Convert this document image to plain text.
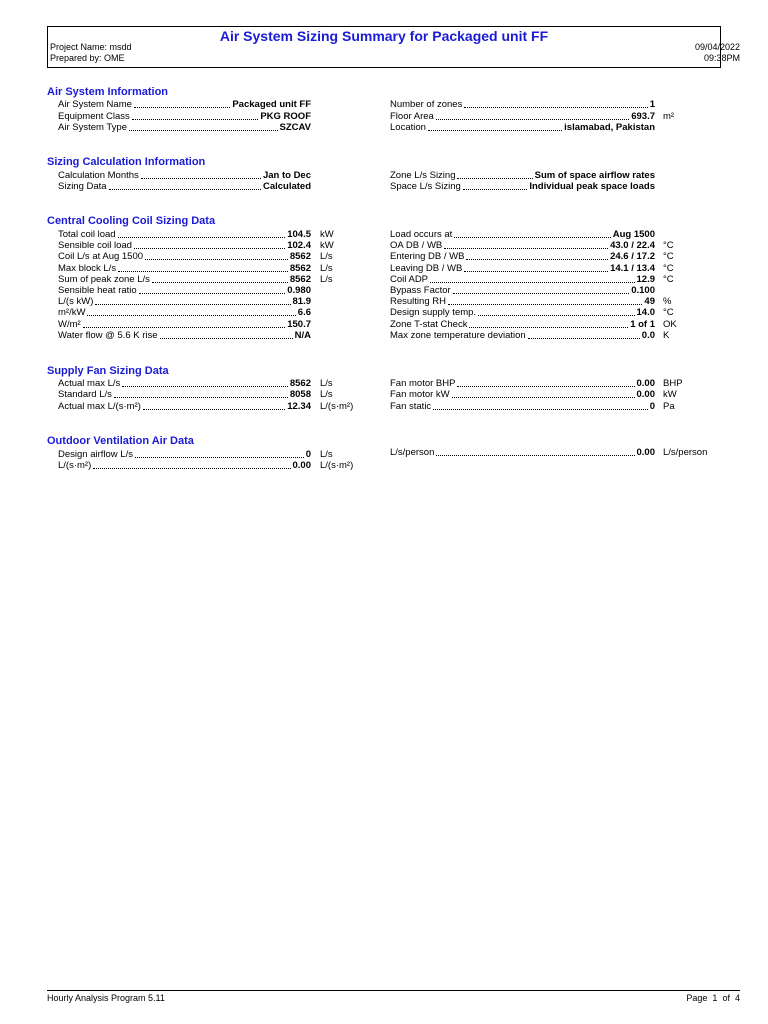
Air System Sizing Summary for Packaged unit FF
Project Name: msdd
Prepared by: OME
09/04/2022
09:38PM
Air System Information
Air System Name	Packaged unit FF
Equipment Class	PKG ROOF
Air System Type	SZCAV
Number of zones	1
Floor Area	693.7 m²
Location	islamabad, Pakistan
Sizing Calculation Information
Calculation Months	Jan to Dec
Sizing Data	Calculated
Zone L/s Sizing	Sum of space airflow rates
Space L/s Sizing	Individual peak space loads
Central Cooling Coil Sizing Data
Total coil load	104.5 kW
Sensible coil load	102.4 kW
Coil L/s at Aug 1500	8562 L/s
Max block L/s	8562 L/s
Sum of peak zone L/s	8562 L/s
Sensible heat ratio	0.980
L/(s kW)	81.9
m²/kW	6.6
W/m²	150.7
Water flow @ 5.6 K rise	N/A
Load occurs at	Aug 1500
OA DB / WB	43.0 / 22.4 °C
Entering DB / WB	24.6 / 17.2 °C
Leaving DB / WB	14.1 / 13.4 °C
Coil ADP	12.9 °C
Bypass Factor	0.100
Resulting RH	49 %
Design supply temp.	14.0 °C
Zone T-stat Check	1 of 1 OK
Max zone temperature deviation	0.0 K
Supply Fan Sizing Data
Actual max L/s	8562 L/s
Standard L/s	8058 L/s
Actual max L/(s·m²)	12.34 L/(s·m²)
Fan motor BHP	0.00 BHP
Fan motor kW	0.00 kW
Fan static	0 Pa
Outdoor Ventilation Air Data
Design airflow L/s	0 L/s
L/(s·m²)	0.00 L/(s·m²)
L/s/person	0.00 L/s/person
Hourly Analysis Program 5.11	Page 1 of 4
